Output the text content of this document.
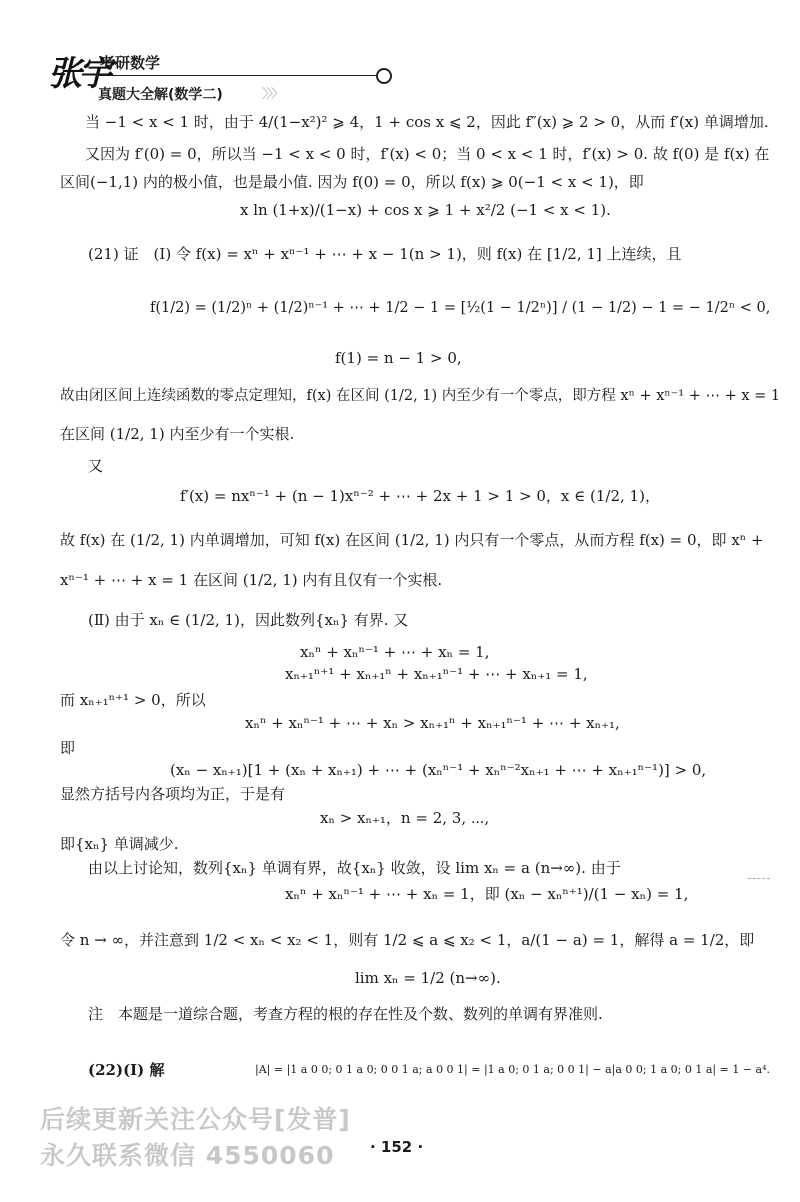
张宇
考研数学
真题大全解(数学二)	〉〉〉
当 −1 < x < 1 时，由于 4/(1−x²)² ⩾ 4，1 + cos x ⩽ 2，因此 f″(x) ⩾ 2 > 0，从而 f′(x) 单调增加.
又因为 f′(0) = 0，所以当 −1 < x < 0 时，f′(x) < 0；当 0 < x < 1 时，f′(x) > 0. 故 f(0) 是 f(x) 在
区间(−1,1) 内的极小值，也是最小值. 因为 f(0) = 0，所以 f(x) ⩾ 0(−1 < x < 1)，即
x ln (1+x)/(1−x) + cos x ⩾ 1 + x²/2 (−1 < x < 1).
(21) 证　(Ⅰ) 令 f(x) = xⁿ + xⁿ⁻¹ + ⋯ + x − 1(n > 1)，则 f(x) 在 [1/2, 1] 上连续，且
f(1/2) = (1/2)ⁿ + (1/2)ⁿ⁻¹ + ⋯ + 1/2 − 1 = [½(1 − 1/2ⁿ)] / (1 − 1/2) − 1 = − 1/2ⁿ < 0,
f(1) = n − 1 > 0,
故由闭区间上连续函数的零点定理知，f(x) 在区间 (1/2, 1) 内至少有一个零点，即方程 xⁿ + xⁿ⁻¹ + ⋯ + x = 1
在区间 (1/2, 1) 内至少有一个实根.
又
f′(x) = nxⁿ⁻¹ + (n − 1)xⁿ⁻² + ⋯ + 2x + 1 > 1 > 0，x ∈ (1/2, 1)，
故 f(x) 在 (1/2, 1) 内单调增加，可知 f(x) 在区间 (1/2, 1) 内只有一个零点，从而方程 f(x) = 0，即 xⁿ +
xⁿ⁻¹ + ⋯ + x = 1 在区间 (1/2, 1) 内有且仅有一个实根.
(Ⅱ) 由于 xₙ ∈ (1/2, 1)，因此数列{xₙ} 有界. 又
xₙⁿ + xₙⁿ⁻¹ + ⋯ + xₙ = 1,
xₙ₊₁ⁿ⁺¹ + xₙ₊₁ⁿ + xₙ₊₁ⁿ⁻¹ + ⋯ + xₙ₊₁ = 1,
而 xₙ₊₁ⁿ⁺¹ > 0，所以
xₙⁿ + xₙⁿ⁻¹ + ⋯ + xₙ > xₙ₊₁ⁿ + xₙ₊₁ⁿ⁻¹ + ⋯ + xₙ₊₁,
即
(xₙ − xₙ₊₁)[1 + (xₙ + xₙ₊₁) + ⋯ + (xₙⁿ⁻¹ + xₙⁿ⁻²xₙ₊₁ + ⋯ + xₙ₊₁ⁿ⁻¹)] > 0,
显然方括号内各项均为正，于是有
xₙ > xₙ₊₁，n = 2, 3, ⋯,
即{xₙ} 单调减少.
由以上讨论知，数列{xₙ} 单调有界，故{xₙ} 收敛，设 lim xₙ = a (n→∞). 由于
xₙⁿ + xₙⁿ⁻¹ + ⋯ + xₙ = 1，即 (xₙ − xₙⁿ⁺¹)/(1 − xₙ) = 1,
令 n → ∞，并注意到 1/2 < xₙ < x₂ < 1，则有 1/2 ⩽ a ⩽ x₂ < 1，a/(1 − a) = 1，解得 a = 1/2，即
lim xₙ = 1/2 (n→∞).
注　本题是一道综合题，考查方程的根的存在性及个数、数列的单调有界准则.
(22)(Ⅰ) 解	|A| = |1 a 0 0; 0 1 a 0; 0 0 1 a; a 0 0 1| = |1 a 0; 0 1 a; 0 0 1| − a|a 0 0; 1 a 0; 0 1 a| = 1 − a⁴.
后续更新关注公众号[发普]
永久联系微信 4550060 · 152 ·
